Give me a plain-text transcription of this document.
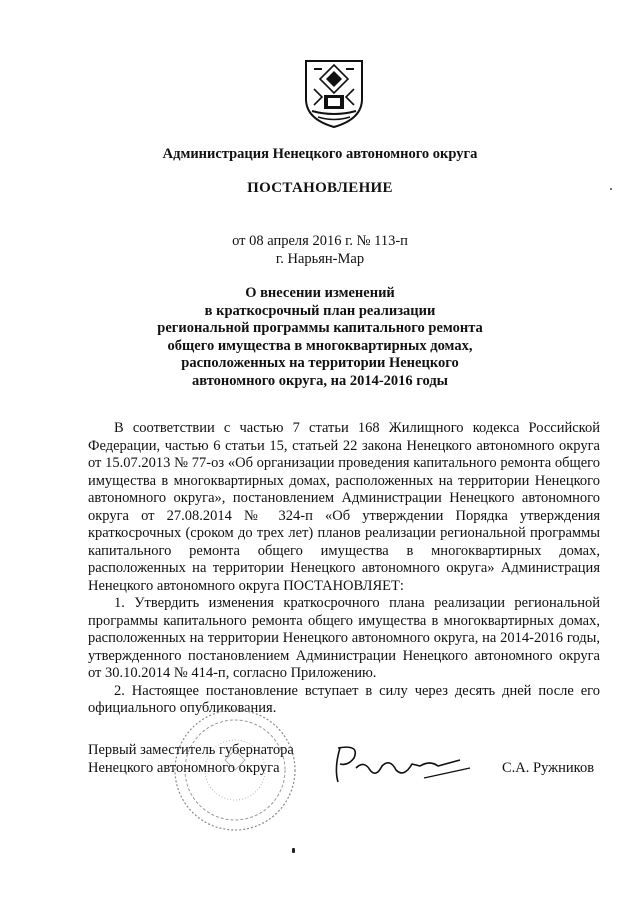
Администрация Ненецкого автономного округа
ПОСТАНОВЛЕНИЕ
от 08 апреля 2016 г. № 113-п
г. Нарьян-Мар
О внесении изменений
в краткосрочный план реализации
региональной программы капитального ремонта
общего имущества в многоквартирных домах,
расположенных на территории Ненецкого
автономного округа, на 2014-2016 годы

В соответствии с частью 7 статьи 168 Жилищного кодекса Российской Федерации, частью 6 статьи 15, статьей 22 закона Ненецкого автономного округа от 15.07.2013 № 77-оз «Об организации проведения капитального ремонта общего имущества в многоквартирных домах, расположенных на территории Ненецкого автономного округа», постановлением Администрации Ненецкого автономного округа от 27.08.2014 № 324-п «Об утверждении Порядка утверждения краткосрочных (сроком до трех лет) планов реализации региональной программы капитального ремонта общего имущества в многоквартирных домах, расположенных на территории Ненецкого автономного округа» Администрация Ненецкого автономного округа ПОСТАНОВЛЯЕТ:

1. Утвердить изменения краткосрочного плана реализации региональной программы капитального ремонта общего имущества в многоквартирных домах, расположенных на территории Ненецкого автономного округа, на 2014-2016 годы, утвержденного постановлением Администрации Ненецкого автономного округа от 30.10.2014 № 414-п, согласно Приложению.

2. Настоящее постановление вступает в силу через десять дней после его официального опубликования.

Первый заместитель губернатора
Ненецкого автономного округа	С.А. Ружников
